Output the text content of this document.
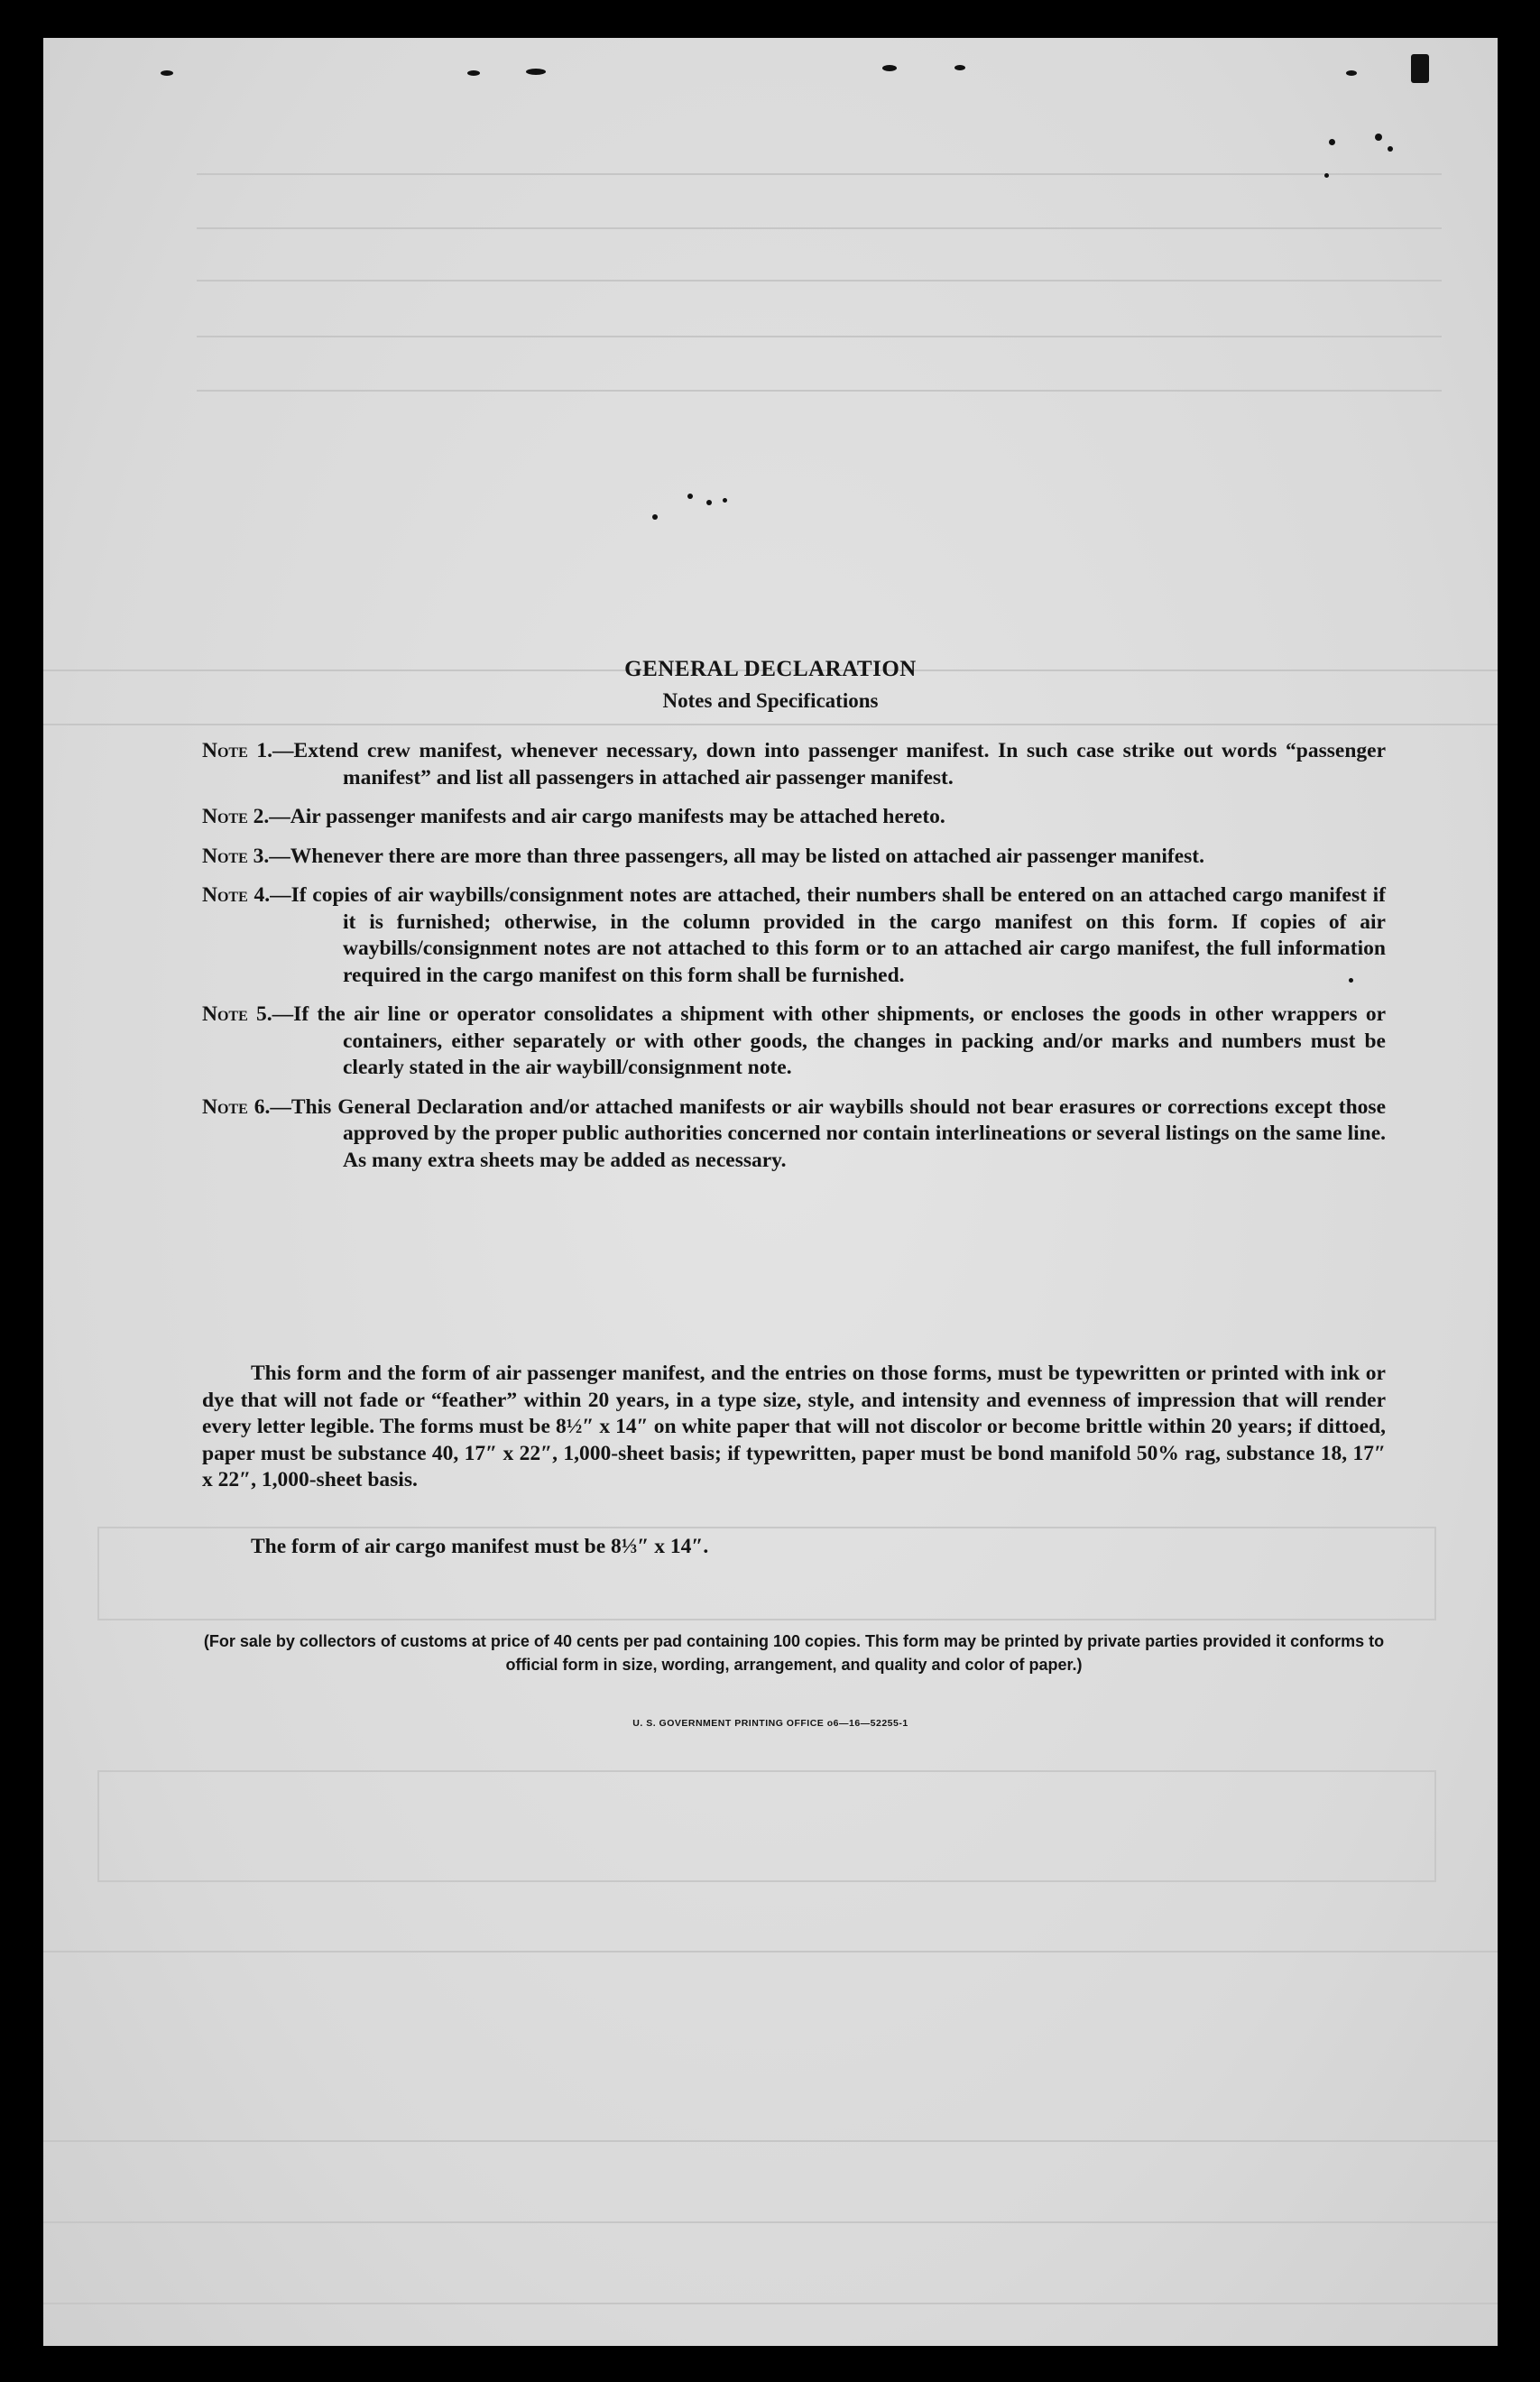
GENERAL DECLARATION
Notes and Specifications
Note 1.—Extend crew manifest, whenever necessary, down into passenger manifest. In such case strike out words “passenger manifest” and list all passengers in attached air passenger manifest.
Note 2.—Air passenger manifests and air cargo manifests may be attached hereto.
Note 3.—Whenever there are more than three passengers, all may be listed on attached air passenger manifest.
Note 4.—If copies of air waybills/consignment notes are attached, their numbers shall be entered on an attached cargo manifest if it is furnished; otherwise, in the column provided in the cargo manifest on this form. If copies of air waybills/consignment notes are not attached to this form or to an attached air cargo manifest, the full information required in the cargo manifest on this form shall be furnished.
Note 5.—If the air line or operator consolidates a shipment with other shipments, or encloses the goods in other wrappers or containers, either separately or with other goods, the changes in packing and/or marks and numbers must be clearly stated in the air waybill/consignment note.
Note 6.—This General Declaration and/or attached manifests or air waybills should not bear erasures or corrections except those approved by the proper public authorities concerned nor contain interlineations or several listings on the same line. As many extra sheets may be added as necessary.
This form and the form of air passenger manifest, and the entries on those forms, must be typewritten or printed with ink or dye that will not fade or “feather” within 20 years, in a type size, style, and intensity and evenness of impression that will render every letter legible. The forms must be 8½″ x 14″ on white paper that will not discolor or become brittle within 20 years; if dittoed, paper must be substance 40, 17″ x 22″, 1,000-sheet basis; if typewritten, paper must be bond manifold 50% rag, substance 18, 17″ x 22″, 1,000-sheet basis.
The form of air cargo manifest must be 8⅓″ x 14″.
(For sale by collectors of customs at price of 40 cents per pad containing 100 copies. This form may be printed by private parties provided it conforms to official form in size, wording, arrangement, and quality and color of paper.)
U. S. GOVERNMENT PRINTING OFFICE o6—16—52255-1
